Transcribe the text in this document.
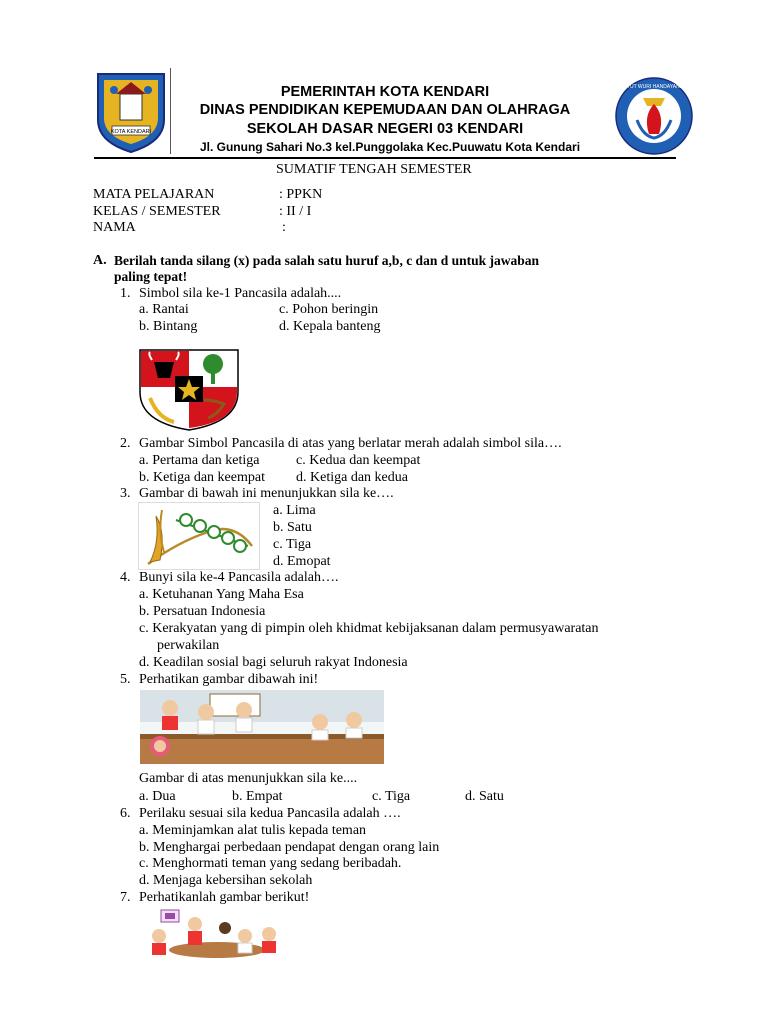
KOTA KENDARI
TUT WURI HANDAYANI
PEMERINTAH KOTA KENDARI
DINAS PENDIDIKAN KEPEMUDAAN DAN OLAHRAGA
SEKOLAH DASAR NEGERI 03 KENDARI
Jl. Gunung Sahari No.3 kel.Punggolaka Kec.Puuwatu Kota Kendari
SUMATIF TENGAH SEMESTER
MATA PELAJARAN	: PPKN
KELAS / SEMESTER	: II / I
NAMA	:
A. Berilah tanda silang (x) pada salah satu huruf a,b, c dan d untuk jawaban
paling tepat!
1. Simbol sila ke-1 Pancasila adalah....
a. Rantai	c. Pohon beringin
b. Bintang	d. Kepala banteng
2. Gambar Simbol Pancasila di atas yang berlatar merah adalah simbol sila….
a. Pertama dan ketiga	c. Kedua dan keempat
b. Ketiga dan keempat d. Ketiga dan kedua
3. Gambar di bawah ini menunjukkan sila ke….
a. Lima
b. Satu
c. Tiga
d. Emopat
4. Bunyi sila ke-4 Pancasila adalah….
a. Ketuhanan Yang Maha Esa
b. Persatuan Indonesia
c. Kerakyatan yang di pimpin oleh khidmat kebijaksanan dalam permusyawaratan
perwakilan
d. Keadilan sosial bagi seluruh rakyat Indonesia
5. Perhatikan gambar dibawah ini!
Gambar di atas menunjukkan sila ke....
a. Dua	b. Empat	c. Tiga	d. Satu
6. Perilaku sesuai sila kedua Pancasila adalah ….
a. Meminjamkan alat tulis kepada teman
b. Menghargai perbedaan pendapat dengan orang lain
c. Menghormati teman yang sedang beribadah.
d. Menjaga kebersihan sekolah
7. Perhatikanlah gambar berikut!
